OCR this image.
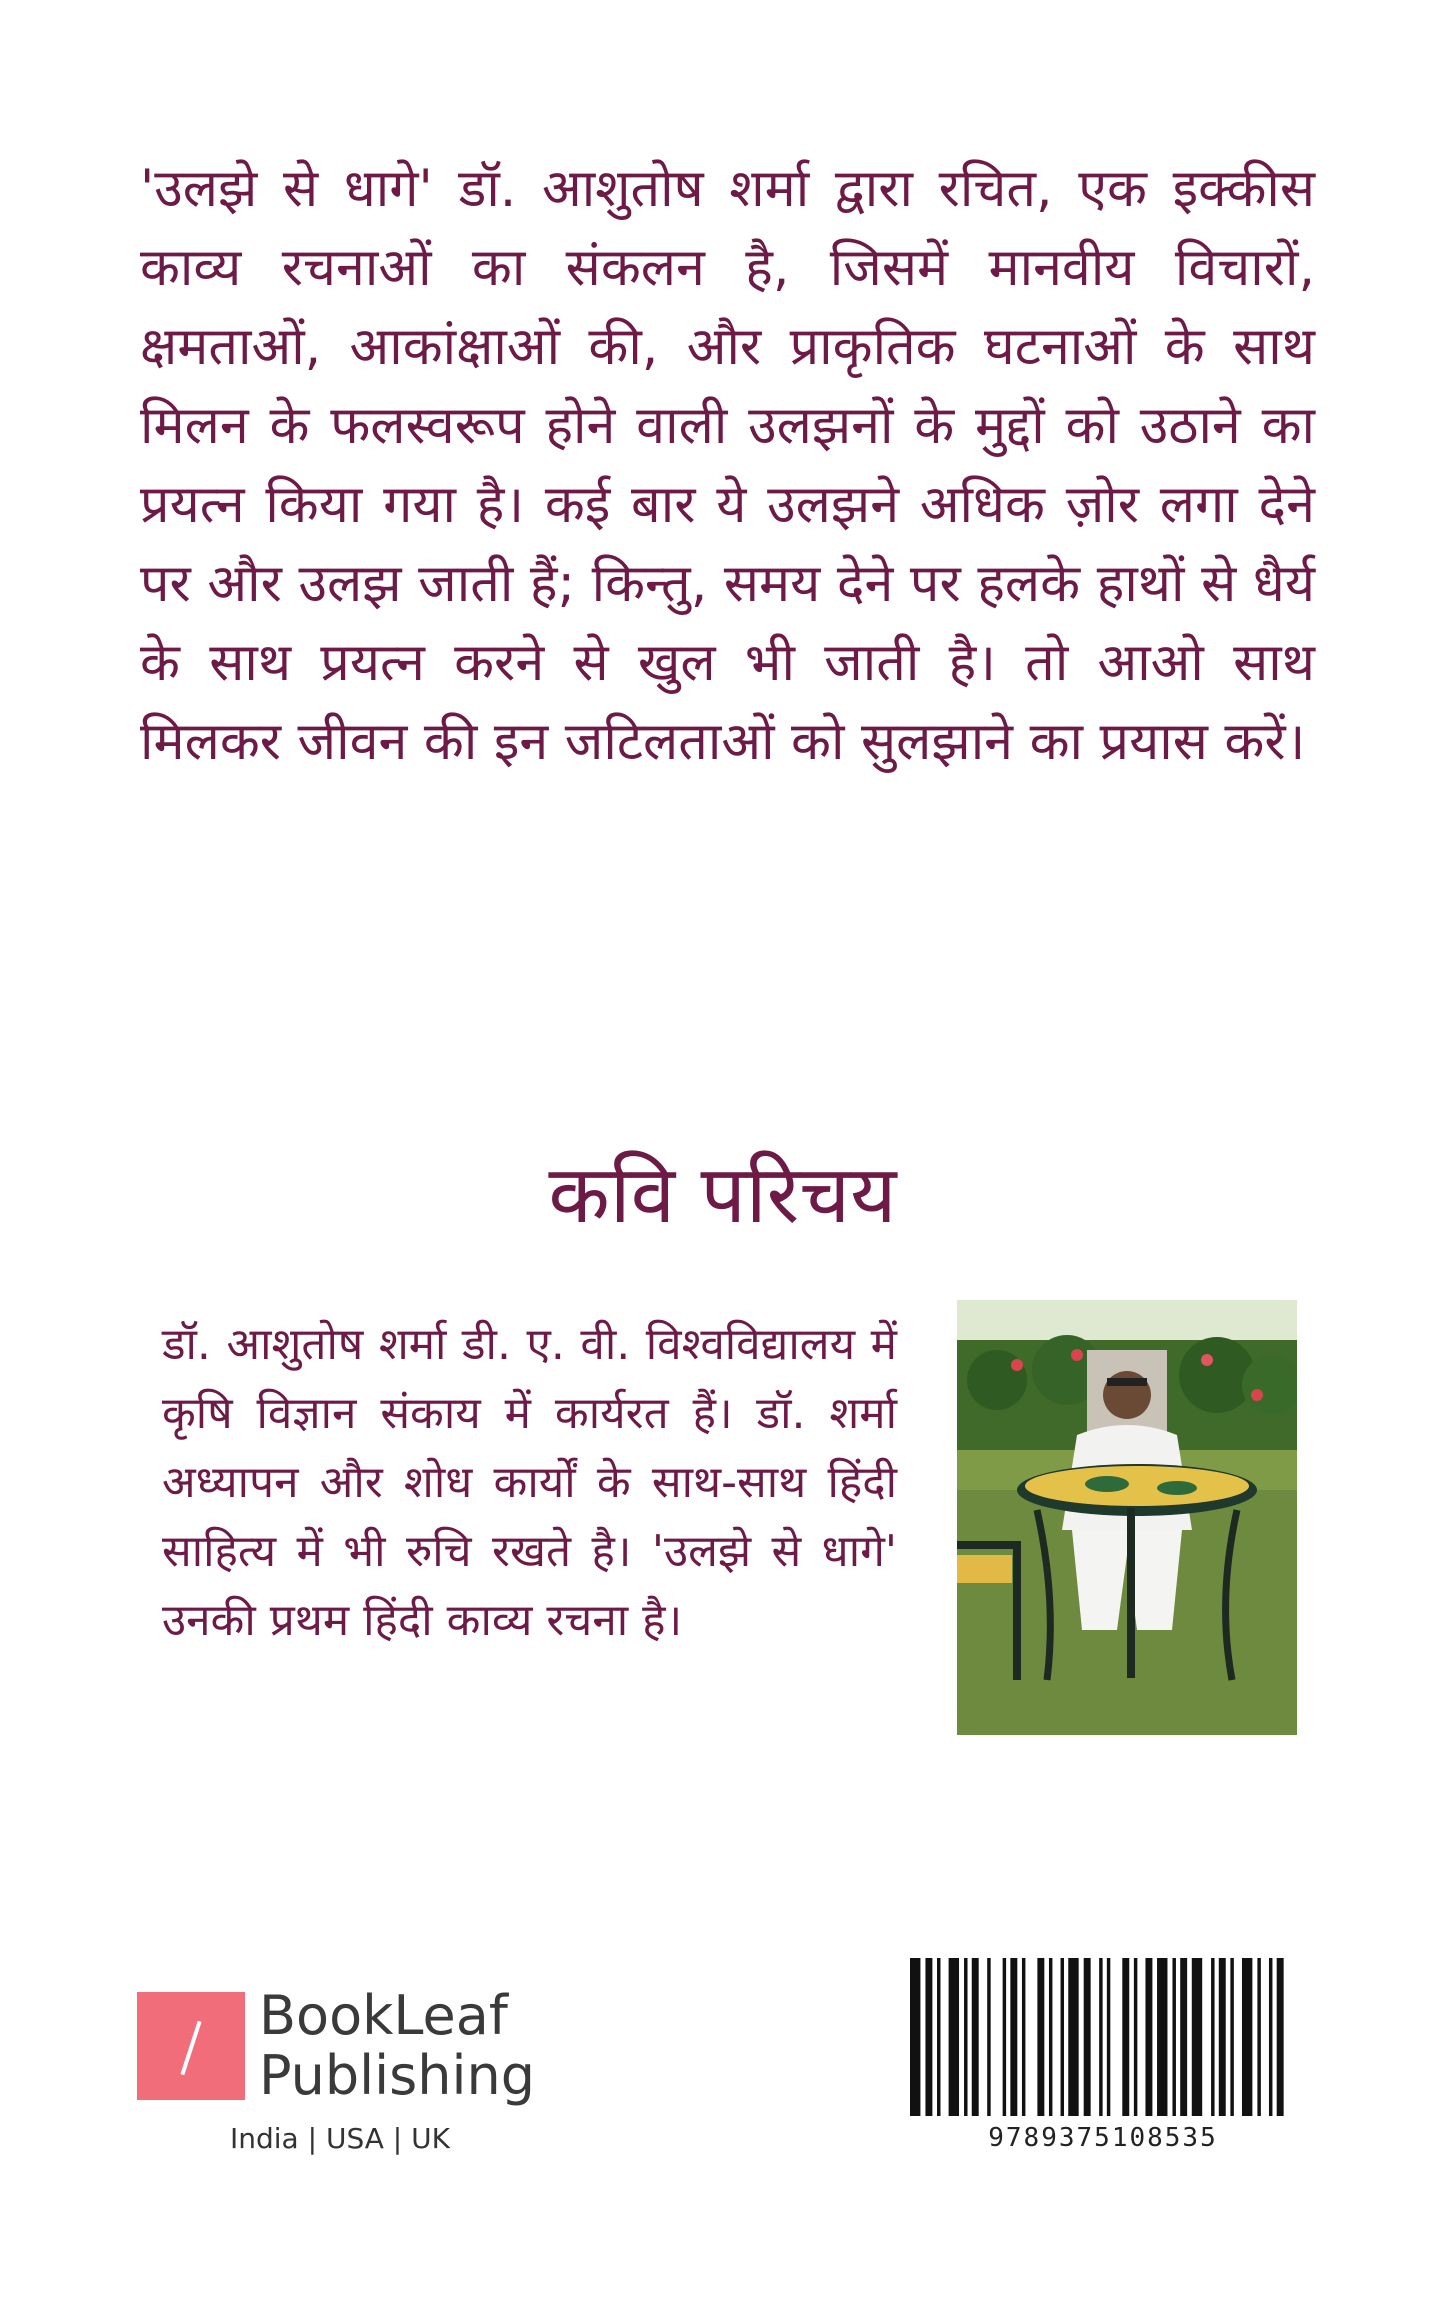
'उलझे से धागे' डॉ. आशुतोष शर्मा द्वारा रचित, एक इक्कीस काव्य रचनाओं का संकलन है, जिसमें मानवीय विचारों, क्षमताओं, आकांक्षाओं की, और प्राकृतिक घटनाओं के साथ मिलन के फलस्वरूप होने वाली उलझनों के मुद्दों को उठाने का प्रयत्न किया गया है। कई बार ये उलझने अधिक ज़ोर लगा देने पर और उलझ जाती हैं; किन्तु, समय देने पर हलके हाथों से धैर्य के साथ प्रयत्न करने से खुल भी जाती है। तो आओ साथ मिलकर जीवन की इन जटिलताओं को सुलझाने का प्रयास करें।

कवि परिचय

डॉ. आशुतोष शर्मा डी. ए. वी. विश्वविद्यालय में कृषि विज्ञान संकाय में कार्यरत हैं। डॉ. शर्मा अध्यापन और शोध कार्यों के साथ-साथ हिंदी साहित्य में भी रुचि रखते है। 'उलझे से धागे' उनकी प्रथम हिंदी काव्य रचना है।

BookLeaf
Publishing
India | USA | UK	9789375108535
